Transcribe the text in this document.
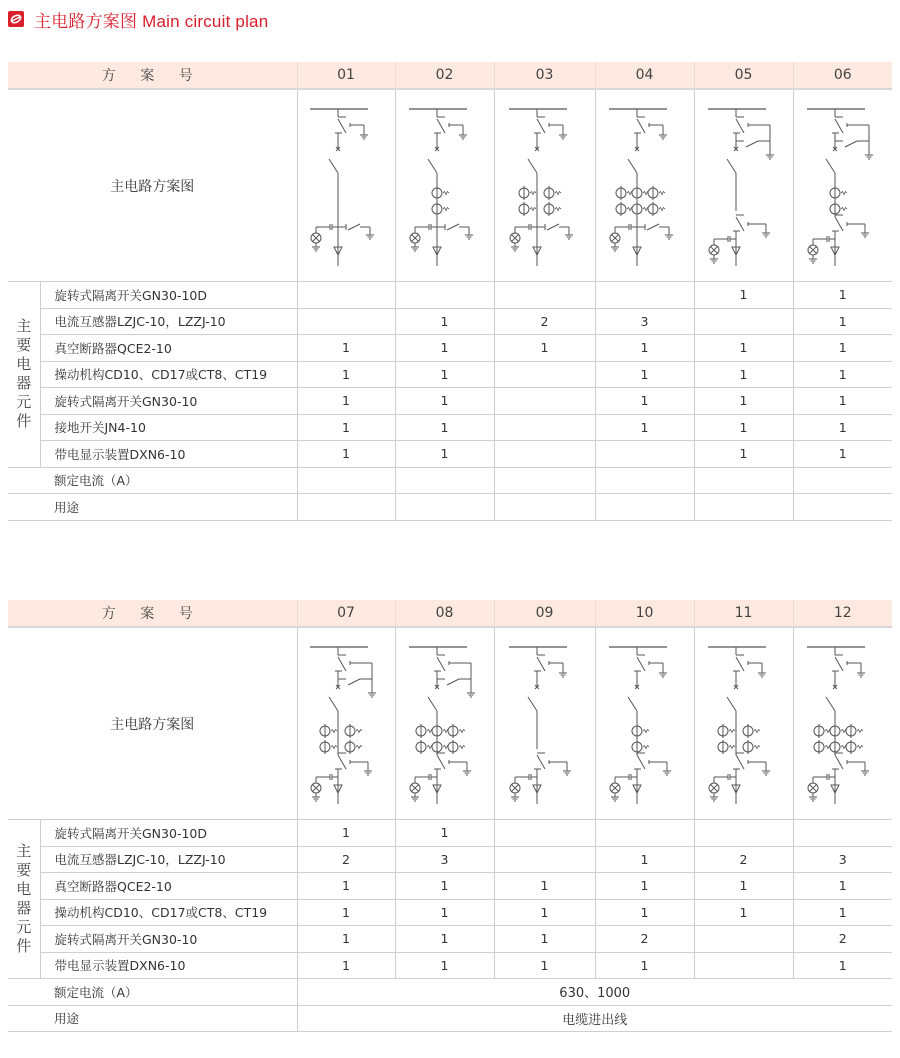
主电路方案图 Main circuit plan
方 案 号		01	02	03	04	05	06
主电路方案图	

主
要
电
器
元
件	旋转式隔离开关GN30-10D					1	1
	电流互感器LZJC-10，LZZJ-10		1	2	3		1
	真空断路器QCE2-10	1	1	1	1	1	1
	操动机构CD10、CD17或CT8、CT19	1	1		1	1	1
	旋转式隔离开关GN30-10	1	1		1	1	1
	接地开关JN4-10	1	1		1	1	1
	带电显示装置DXN6-10	1	1			1	1
	额定电流（A）						
	用途						
方 案 号		07	08	09	10	11	12
主电路方案图	

主
要
电
器
元
件	旋转式隔离开关GN30-10D	1	1				
	电流互感器LZJC-10，LZZJ-10	2	3		1	2	3
	真空断路器QCE2-10	1	1	1	1	1	1
	操动机构CD10、CD17或CT8、CT19	1	1	1	1	1	1
	旋转式隔离开关GN30-10	1	1	1	2		2
	带电显示装置DXN6-10	1	1	1	1		1
	额定电流（A）	630、1000					
	用途	电缆进出线					
